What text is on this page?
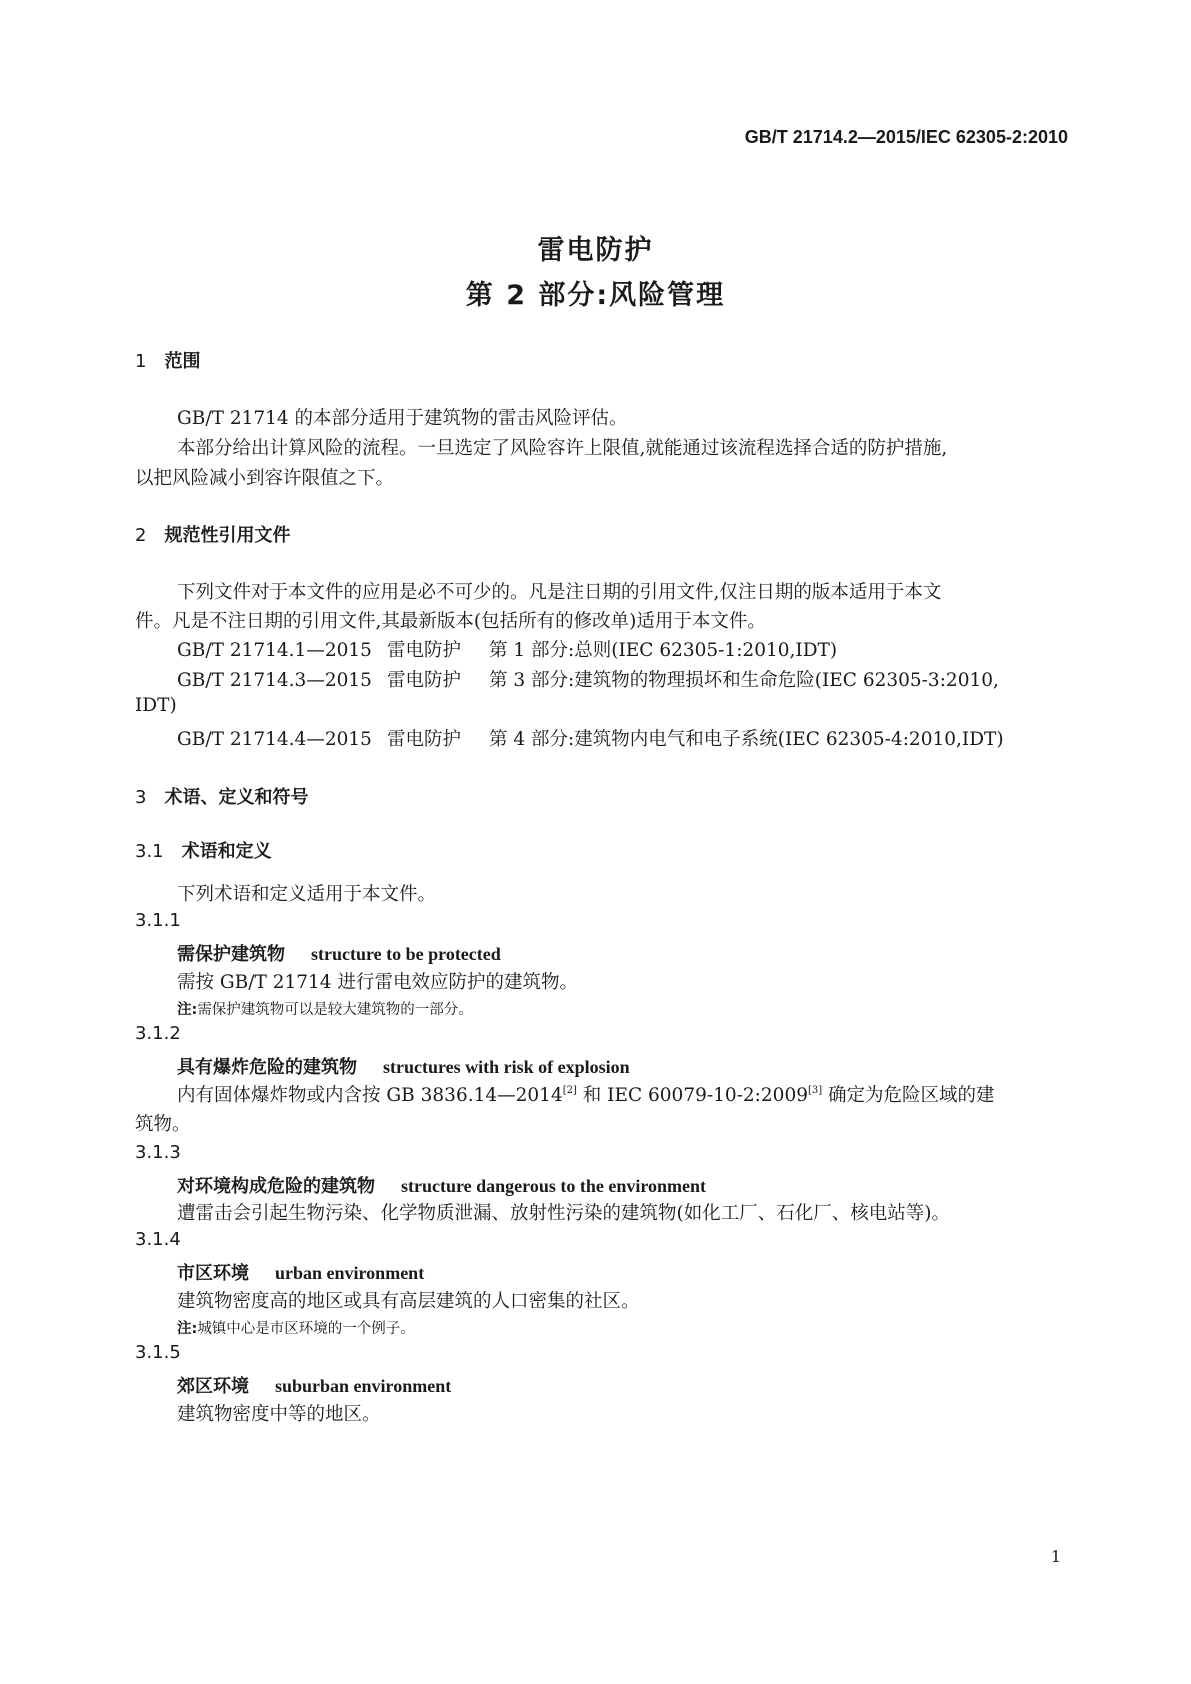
GB/T 21714.2—2015/IEC 62305-2:2010
雷电防护
第 2 部分:风险管理
1 范围
GB/T 21714 的本部分适用于建筑物的雷击风险评估。
本部分给出计算风险的流程。一旦选定了风险容许上限值,就能通过该流程选择合适的防护措施,
以把风险减小到容许限值之下。
2 规范性引用文件
下列文件对于本文件的应用是必不可少的。凡是注日期的引用文件,仅注日期的版本适用于本文
件。凡是不注日期的引用文件,其最新版本(包括所有的修改单)适用于本文件。
GB/T 21714.1—2015 雷电防护 第 1 部分:总则(IEC 62305-1:2010,IDT)
GB/T 21714.3—2015 雷电防护 第 3 部分:建筑物的物理损坏和生命危险(IEC 62305-3:2010,
IDT)
GB/T 21714.4—2015 雷电防护 第 4 部分:建筑物内电气和电子系统(IEC 62305-4:2010,IDT)
3 术语、定义和符号
3.1 术语和定义
下列术语和定义适用于本文件。
3.1.1
需保护建筑物 structure to be protected
需按 GB/T 21714 进行雷电效应防护的建筑物。
注:需保护建筑物可以是较大建筑物的一部分。
3.1.2
具有爆炸危险的建筑物 structures with risk of explosion
内有固体爆炸物或内含按 GB 3836.14—2014[2] 和 IEC 60079-10-2:2009[3] 确定为危险区域的建
筑物。
3.1.3
对环境构成危险的建筑物 structure dangerous to the environment
遭雷击会引起生物污染、化学物质泄漏、放射性污染的建筑物(如化工厂、石化厂、核电站等)。
3.1.4
市区环境 urban environment
建筑物密度高的地区或具有高层建筑的人口密集的社区。
注:城镇中心是市区环境的一个例子。
3.1.5
郊区环境 suburban environment
建筑物密度中等的地区。
1
